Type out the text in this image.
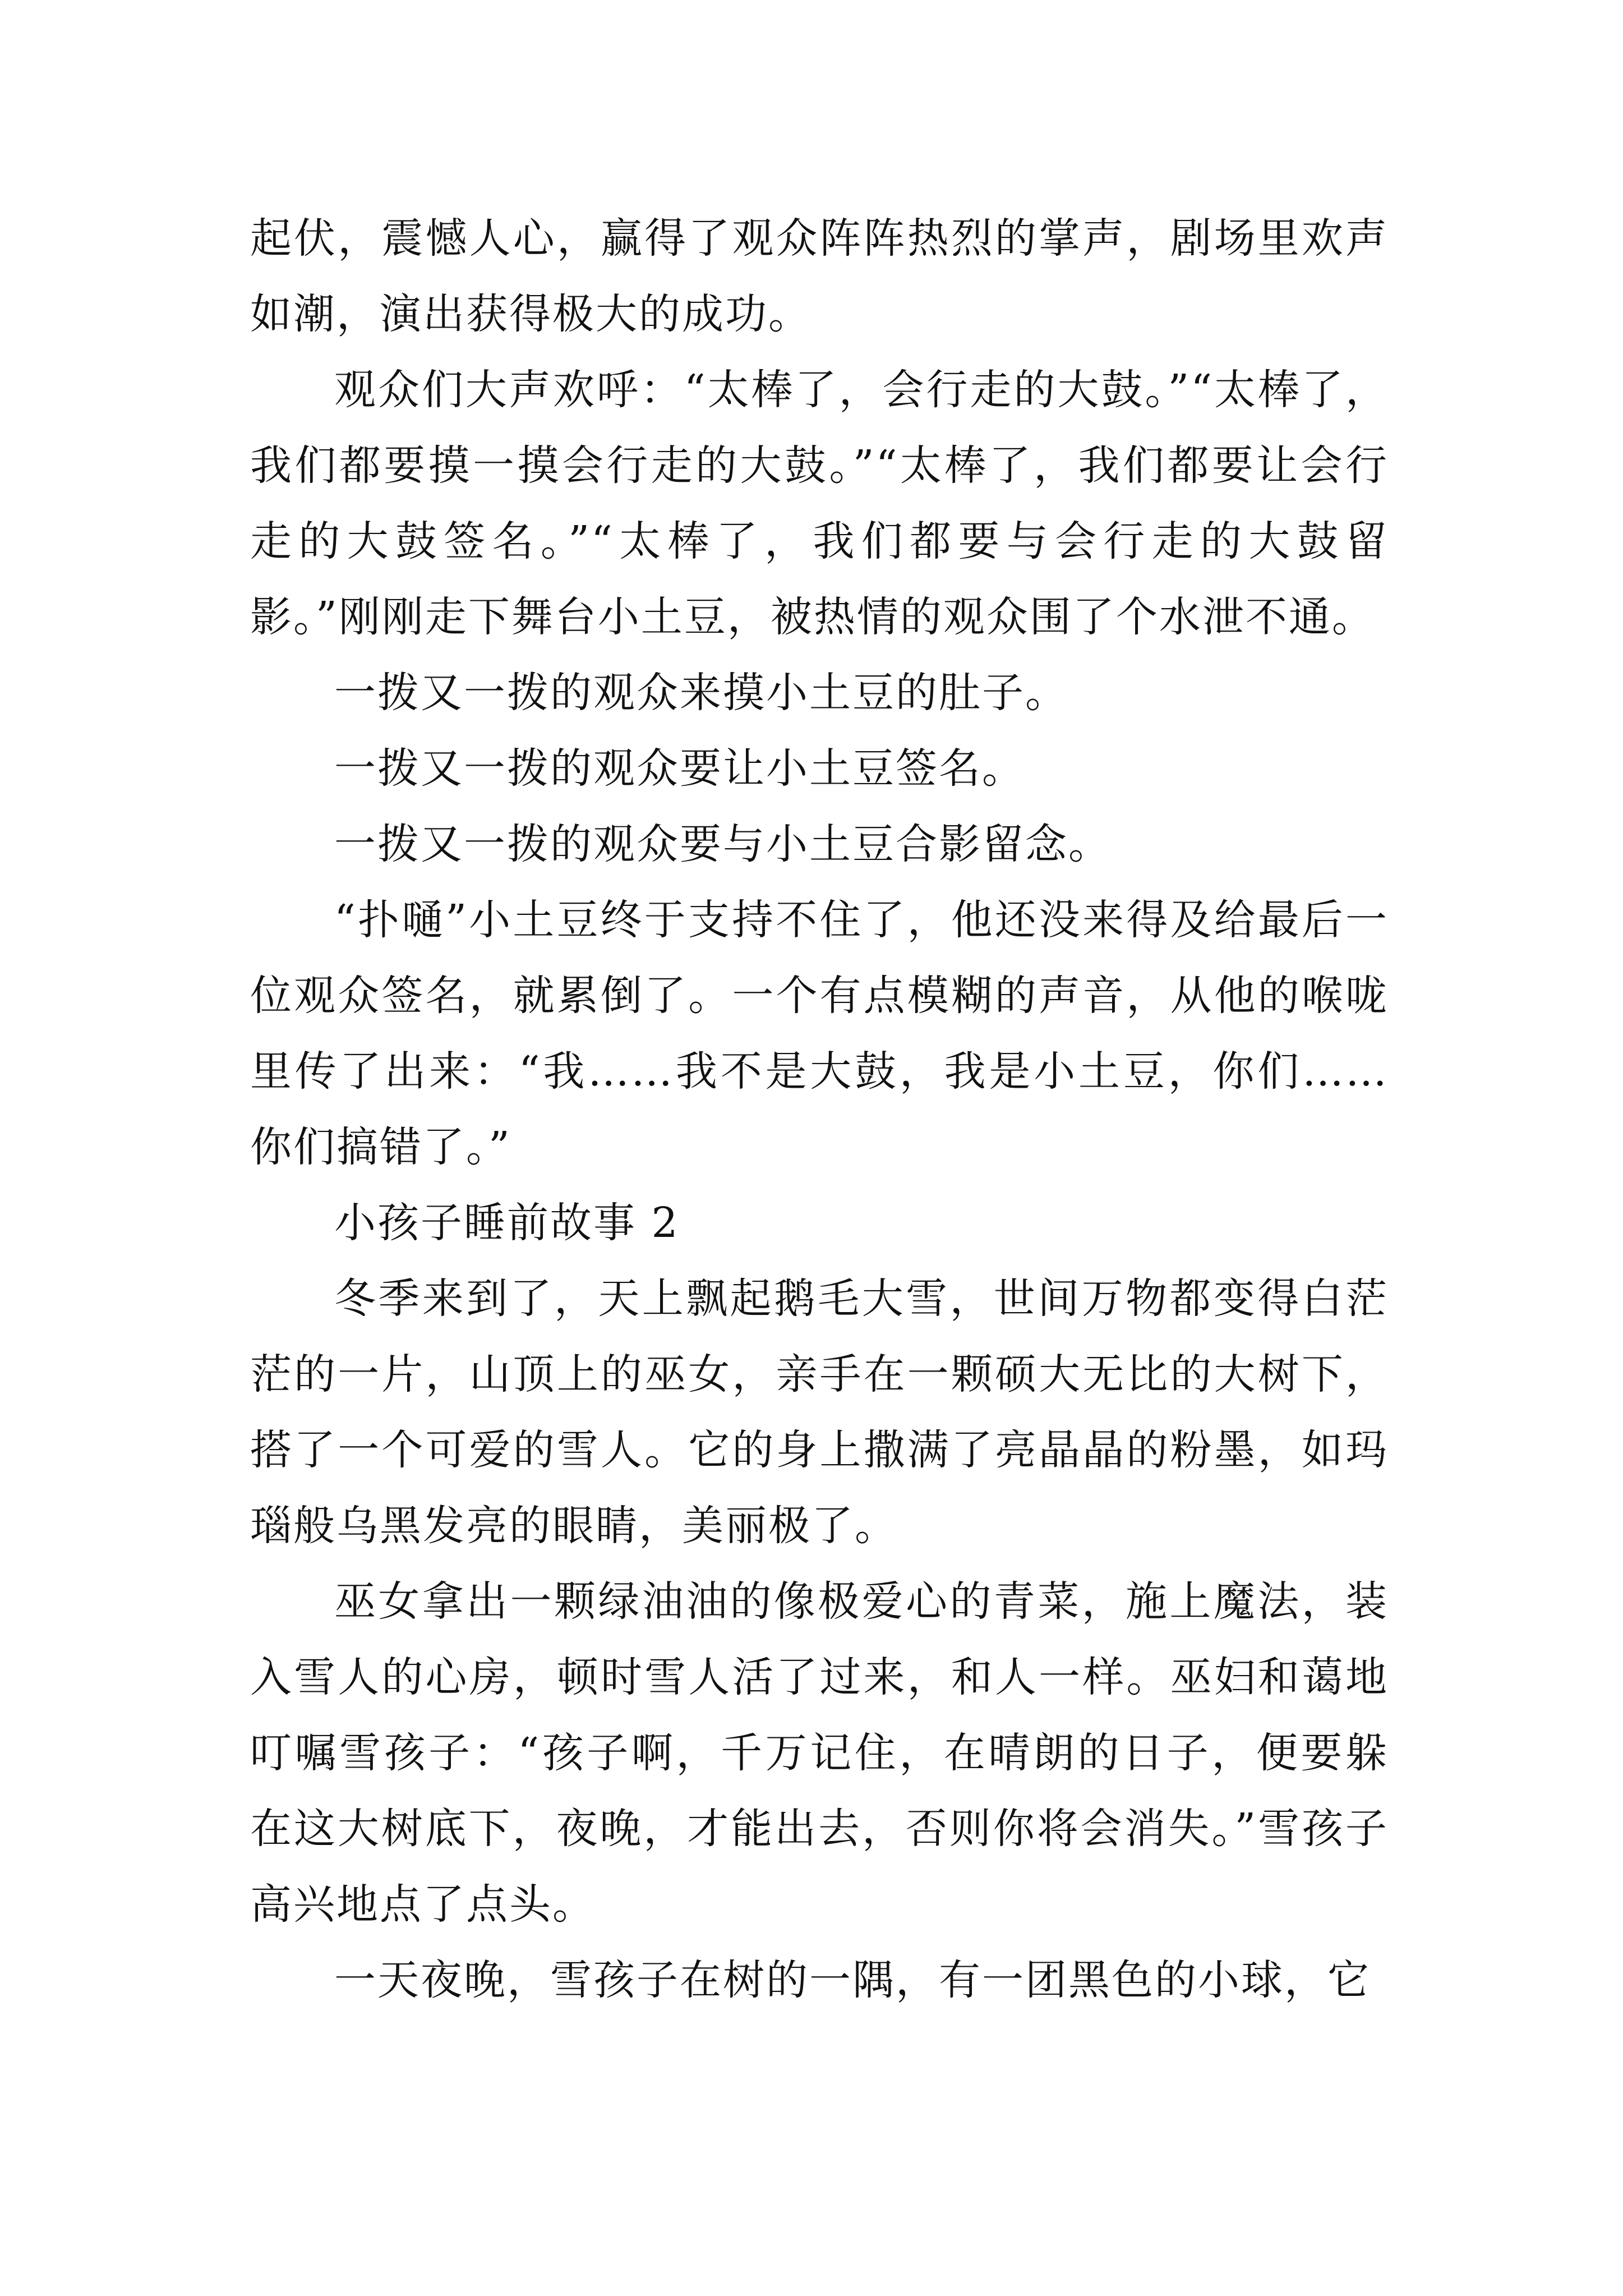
起伏，震憾人心，赢得了观众阵阵热烈的掌声，剧场里欢声如潮，演出获得极大的成功。

观众们大声欢呼：“太棒了，会行走的大鼓。”“太棒了，我们都要摸一摸会行走的大鼓。”“太棒了，我们都要让会行走的大鼓签名。”“太棒了，我们都要与会行走的大鼓留影。”刚刚走下舞台小土豆，被热情的观众围了个水泄不通。

一拨又一拨的观众来摸小土豆的肚子。

一拨又一拨的观众要让小土豆签名。

一拨又一拨的观众要与小土豆合影留念。

“扑嗵”小土豆终于支持不住了，他还没来得及给最后一位观众签名，就累倒了。一个有点模糊的声音，从他的喉咙里传了出来：“我……我不是大鼓，我是小土豆，你们……你们搞错了。”

小孩子睡前故事 2

冬季来到了，天上飘起鹅毛大雪，世间万物都变得白茫茫的一片，山顶上的巫女，亲手在一颗硕大无比的大树下，搭了一个可爱的雪人。它的身上撒满了亮晶晶的粉墨，如玛瑙般乌黑发亮的眼睛，美丽极了。

巫女拿出一颗绿油油的像极爱心的青菜，施上魔法，装入雪人的心房，顿时雪人活了过来，和人一样。巫妇和蔼地叮嘱雪孩子：“孩子啊，千万记住，在晴朗的日子，便要躲在这大树底下，夜晚，才能出去，否则你将会消失。”雪孩子高兴地点了点头。

一天夜晚，雪孩子在树的一隅，有一团黑色的小球，它
